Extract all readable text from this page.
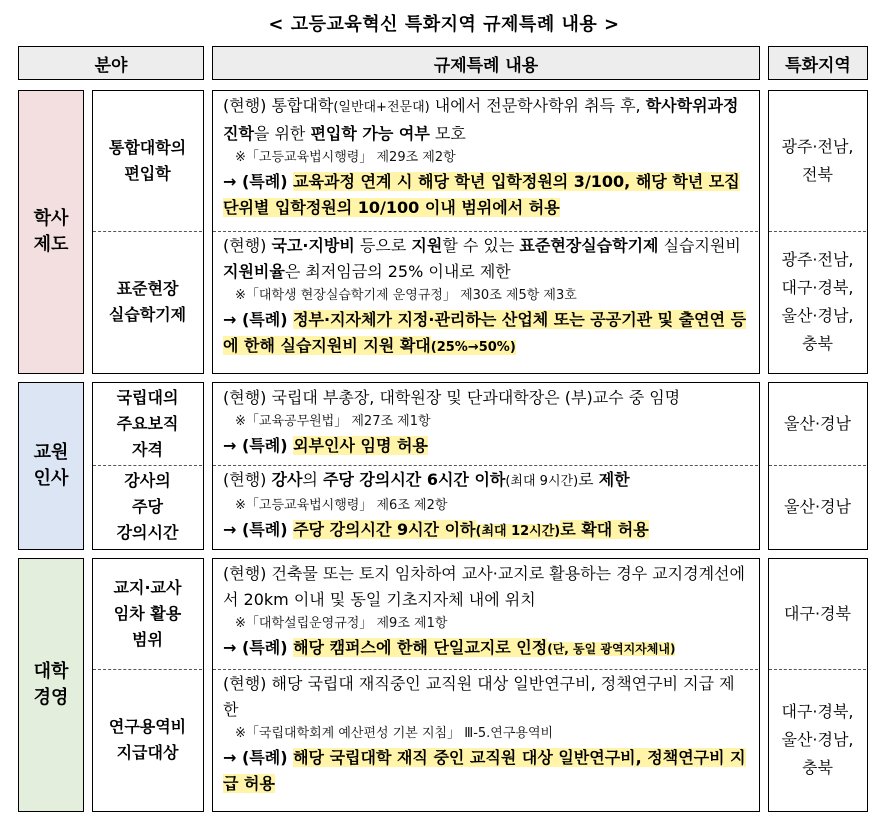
< 고등교육혁신 특화지역 규제특례 내용 >
분야	규제특례 내용	특화지역
학사
제도
교원
인사
대학
경영
통합대학의
편입학
표준현장
실습학기제
국립대의
주요보직
자격
강사의
주당
강의시간
교지·교사
임차 활용
범위
연구용역비
지급대상
(현행) 통합대학(일반대+전문대) 내에서 전문학사학위 취득 후, 학사학위과정 진학을 위한 편입학 가능 여부 모호
※「고등교육법시행령」 제29조 제2항
→ (특례) 교육과정 연계 시 해당 학년 입학정원의 3/100, 해당 학년 모집단위별 입학정원의 10/100 이내 범위에서 허용
(현행) 국고·지방비 등으로 지원할 수 있는 표준현장실습학기제 실습지원비 지원비율은 최저임금의 25% 이내로 제한
※「대학생 현장실습학기제 운영규정」 제30조 제5항 제3호
→ (특례) 정부·지자체가 지정·관리하는 산업체 또는 공공기관 및 출연연 등에 한해 실습지원비 지원 확대(25%→50%)
(현행) 국립대 부총장, 대학원장 및 단과대학장은 (부)교수 중 임명
※「교육공무원법」 제27조 제1항
→ (특례) 외부인사 임명 허용
(현행) 강사의 주당 강의시간 6시간 이하(최대 9시간)로 제한
※「고등교육법시행령」 제6조 제2항
→ (특례) 주당 강의시간 9시간 이하(최대 12시간)로 확대 허용
(현행) 건축물 또는 토지 임차하여 교사·교지로 활용하는 경우 교지경계선에서 20km 이내 및 동일 기초지자체 내에 위치
※「대학설립운영규정」 제9조 제1항
→ (특례) 해당 캠퍼스에 한해 단일교지로 인정(단, 동일 광역지자체내)
(현행) 해당 국립대 재직중인 교직원 대상 일반연구비, 정책연구비 지급 제한
※「국립대학회계 예산편성 기본 지침」 Ⅲ-5.연구용역비
→ (특례) 해당 국립대학 재직 중인 교직원 대상 일반연구비, 정책연구비 지급 허용
광주·전남,
전북
광주·전남,
대구·경북,
울산·경남,
충북
울산·경남
울산·경남
대구·경북
대구·경북,
울산·경남,
충북
